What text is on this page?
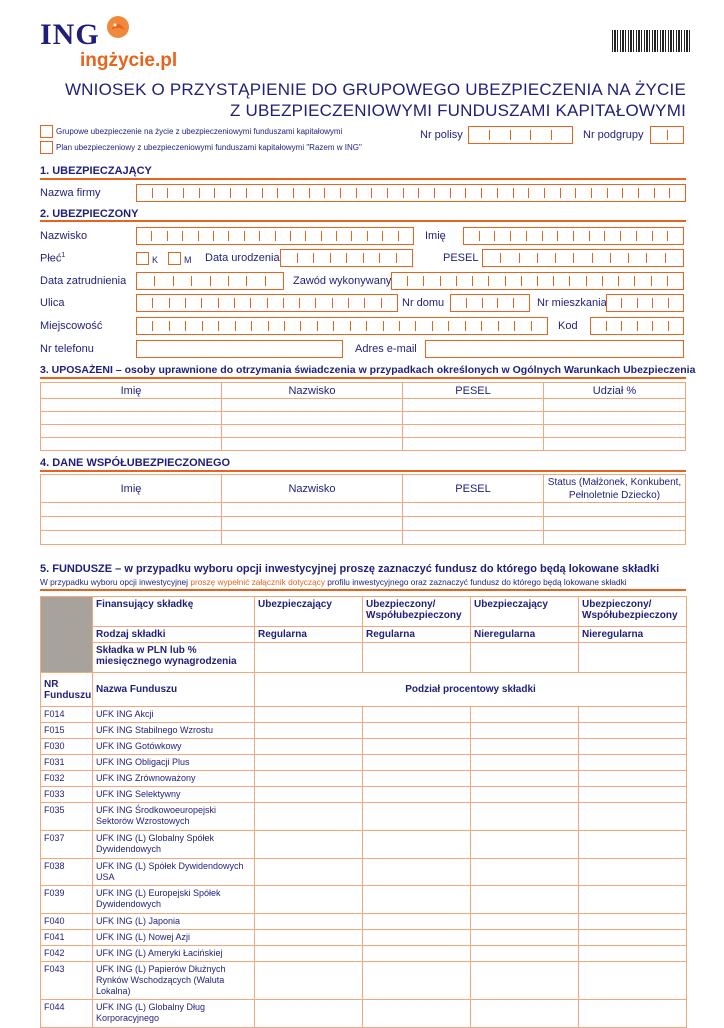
ING
ingżycie.pl
WNIOSEK O PRZYSTĄPIENIE DO GRUPOWEGO UBEZPIECZENIA NA ŻYCIE
Z UBEZPIECZENIOWYMI FUNDUSZAMI KAPITAŁOWYMI
Grupowe ubezpieczenie na życie z ubezpieczeniowymi funduszami kapitałowymi
Plan ubezpieczeniowy z ubezpieczeniowymi funduszami kapitałowymi "Razem w ING"
Nr polisy	Nr podgrupy
1. UBEZPIECZAJĄCY
Nazwa firmy
2. UBEZPIECZONY
Nazwisko	Imię
Płeć$^1$	K	M Data urodzenia	PESEL
Data zatrudnienia	Zawód wykonywany
Ulica	Nr domu	Nr mieszkania
Miejscowość	Kod
Nr telefonu	Adres e-mail
3. UPOSAŻENI – osoby uprawnione do otrzymania świadczenia w przypadkach określonych w Ogólnych Warunkach Ubezpieczenia
Imię	Nazwisko	PESEL	Udział %

4. DANE WSPÓŁUBEZPIECZONEGO
Imię	Nazwisko	PESEL	Status (Małżonek, Konkubent,
Pełnoletnie Dziecko)

5. FUNDUSZE – w przypadku wyboru opcji inwestycyjnej proszę zaznaczyć fundusz do którego będą lokowane składki
W przypadku wyboru opcji inwestycyjnej proszę wypełnić załącznik dotyczący profilu inwestycyjnego oraz zaznaczyć fundusz do którego będą lokowane składki
	Finansujący składkę	Ubezpieczający	Ubezpieczony/ Współubezpieczony	Ubezpieczający	Ubezpieczony/ Współubezpieczony
	Rodzaj składki	Regularna	Regularna	Nieregularna	Nieregularna
	Składka w PLN lub % miesięcznego wynagrodzenia				
NR Funduszu	Nazwa Funduszu	Podział procentowy składki			
F014	UFK ING Akcji				
F015	UFK ING Stabilnego Wzrostu				
F030	UFK ING Gotówkowy				
F031	UFK ING Obligacji Plus				
F032	UFK ING Zrównoważony				
F033	UFK ING Selektywny				
F035	UFK ING Środkowoeuropejski Sektorów Wzrostowych				
F037	UFK ING (L) Globalny Spółek Dywidendowych				
F038	UFK ING (L) Spółek Dywidendowych USA				
F039	UFK ING (L) Europejski Spółek Dywidendowych				
F040	UFK ING (L) Japonia				
F041	UFK ING (L) Nowej Azji				
F042	UFK ING (L) Ameryki Łacińskiej				
F043	UFK ING (L) Papierów Dłużnych Rynków Wschodzących (Waluta Lokalna)				
F044	UFK ING (L) Globalny Dług Korporacyjnego				
